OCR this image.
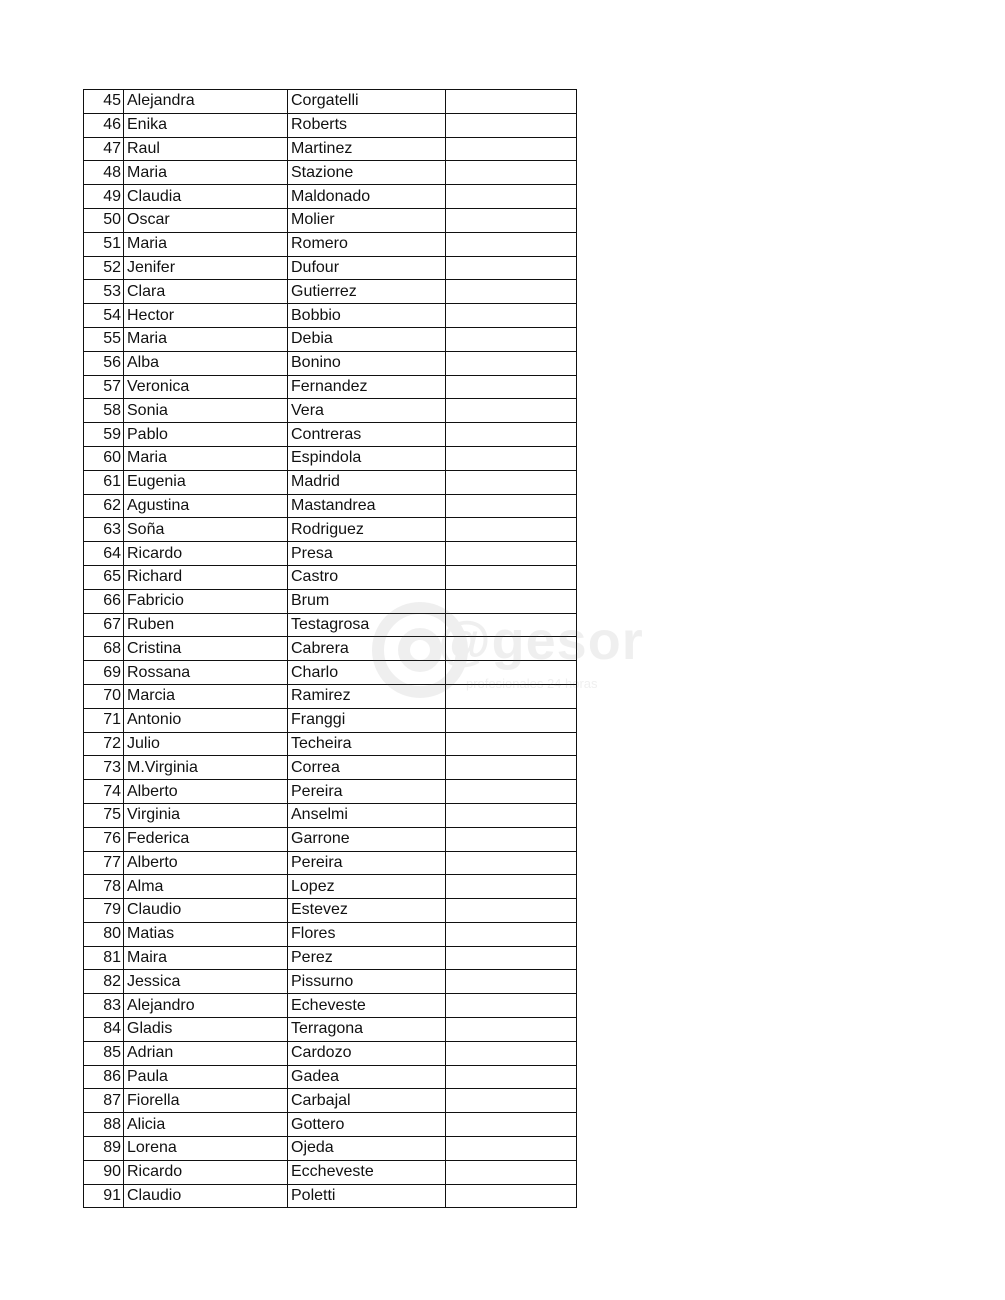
45	Alejandra	Corgatelli	
46	Enika	Roberts	
47	Raul	Martinez	
48	Maria	Stazione	
49	Claudia	Maldonado	
50	Oscar	Molier	
51	Maria	Romero	
52	Jenifer	Dufour	
53	Clara	Gutierrez	
54	Hector	Bobbio	
55	Maria	Debia	
56	Alba	Bonino	
57	Veronica	Fernandez	
58	Sonia	Vera	
59	Pablo	Contreras	
60	Maria	Espindola	
61	Eugenia	Madrid	
62	Agustina	Mastandrea	
63	Soña	Rodriguez	
64	Ricardo	Presa	
65	Richard	Castro	
66	Fabricio	Brum	
67	Ruben	Testagrosa	
68	Cristina	Cabrera	
69	Rossana	Charlo	
70	Marcia	Ramirez	
71	Antonio	Franggi	
72	Julio	Techeira	
73	M.Virginia	Correa	
74	Alberto	Pereira	
75	Virginia	Anselmi	
76	Federica	Garrone	
77	Alberto	Pereira	
78	Alma	Lopez	
79	Claudio	Estevez	
80	Matias	Flores	
81	Maira	Perez	
82	Jessica	Pissurno	
83	Alejandro	Echeveste	
84	Gladis	Terragona	
85	Adrian	Cardozo	
86	Paula	Gadea	
87	Fiorella	Carbajal	
88	Alicia	Gottero	
89	Lorena	Ojeda	
90	Ricardo	Eccheveste	
91	Claudio	Poletti	
@gesor
profesionales 24 horas
